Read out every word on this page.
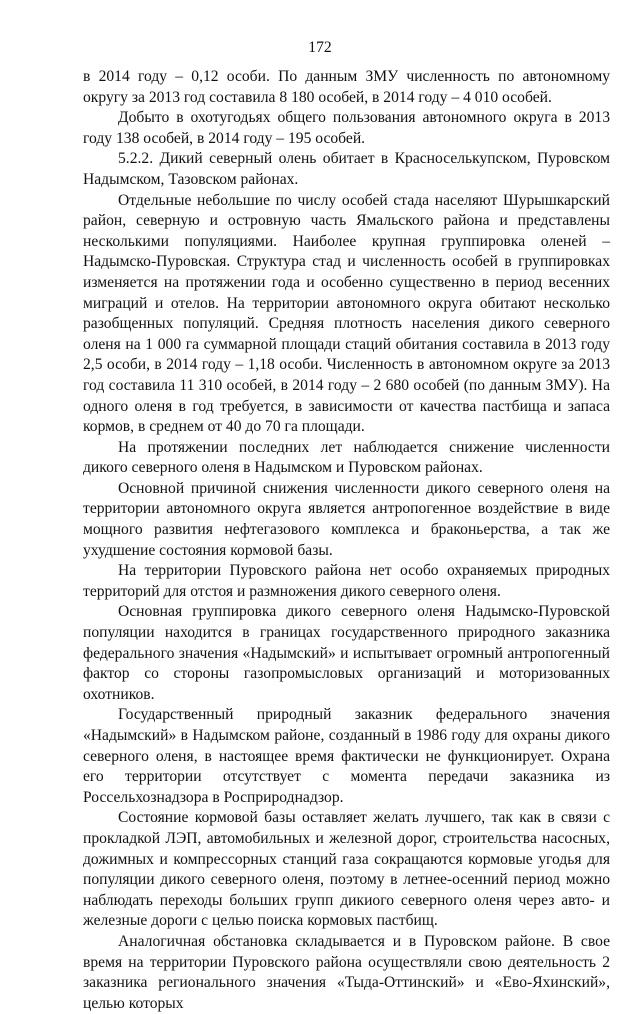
172

в 2014 году – 0,12 особи. По данным ЗМУ численность по автономному округу за 2013 год составила 8 180 особей, в 2014 году – 4 010 особей.

Добыто в охотугодьях общего пользования автономного округа в 2013 году 138 особей, в 2014 году – 195 особей.

5.2.2. Дикий северный олень обитает в Красноселькупском, Пуровском Надымском, Тазовском районах.

Отдельные небольшие по числу особей стада населяют Шурышкарский район, северную и островную часть Ямальского района и представлены несколькими популяциями. Наиболее крупная группировка оленей – Надымско-Пуровская. Структура стад и численность особей в группировках изменяется на протяжении года и особенно существенно в период весенних миграций и отелов. На территории автономного округа обитают несколько разобщенных популяций. Средняя плотность населения дикого северного оленя на 1 000 га суммарной площади стаций обитания составила в 2013 году 2,5 особи, в 2014 году – 1,18 особи. Численность в автономном округе за 2013 год составила 11 310 особей, в 2014 году – 2 680 особей (по данным ЗМУ). На одного оленя в год требуется, в зависимости от качества пастбища и запаса кормов, в среднем от 40 до 70 га площади.

На протяжении последних лет наблюдается снижение численности дикого северного оленя в Надымском и Пуровском районах.

Основной причиной снижения численности дикого северного оленя на территории автономного округа является антропогенное воздействие в виде мощного развития нефтегазового комплекса и браконьерства, а так же ухудшение состояния кормовой базы.

На территории Пуровского района нет особо охраняемых природных территорий для отстоя и размножения дикого северного оленя.

Основная группировка дикого северного оленя Надымско-Пуровской популяции находится в границах государственного природного заказника федерального значения «Надымский» и испытывает огромный антропогенный фактор со стороны газопромысловых организаций и моторизованных охотников.

Государственный природный заказник федерального значения «Надымский» в Надымском районе, созданный в 1986 году для охраны дикого северного оленя, в настоящее время фактически не функционирует. Охрана его территории отсутствует с момента передачи заказника из Россельхознадзора в Росприроднадзор.

Состояние кормовой базы оставляет желать лучшего, так как в связи с прокладкой ЛЭП, автомобильных и железной дорог, строительства насосных, дожимных и компрессорных станций газа сокращаются кормовые угодья для популяции дикого северного оленя, поэтому в летнее-осенний период можно наблюдать переходы больших групп дикиого северного оленя через авто- и железные дороги с целью поиска кормовых пастбищ.

Аналогичная обстановка складывается и в Пуровском районе. В свое время на территории Пуровского района осуществляли свою деятельность 2 заказника регионального значения «Тыда-Оттинский» и «Ево-Яхинский», целью которых
